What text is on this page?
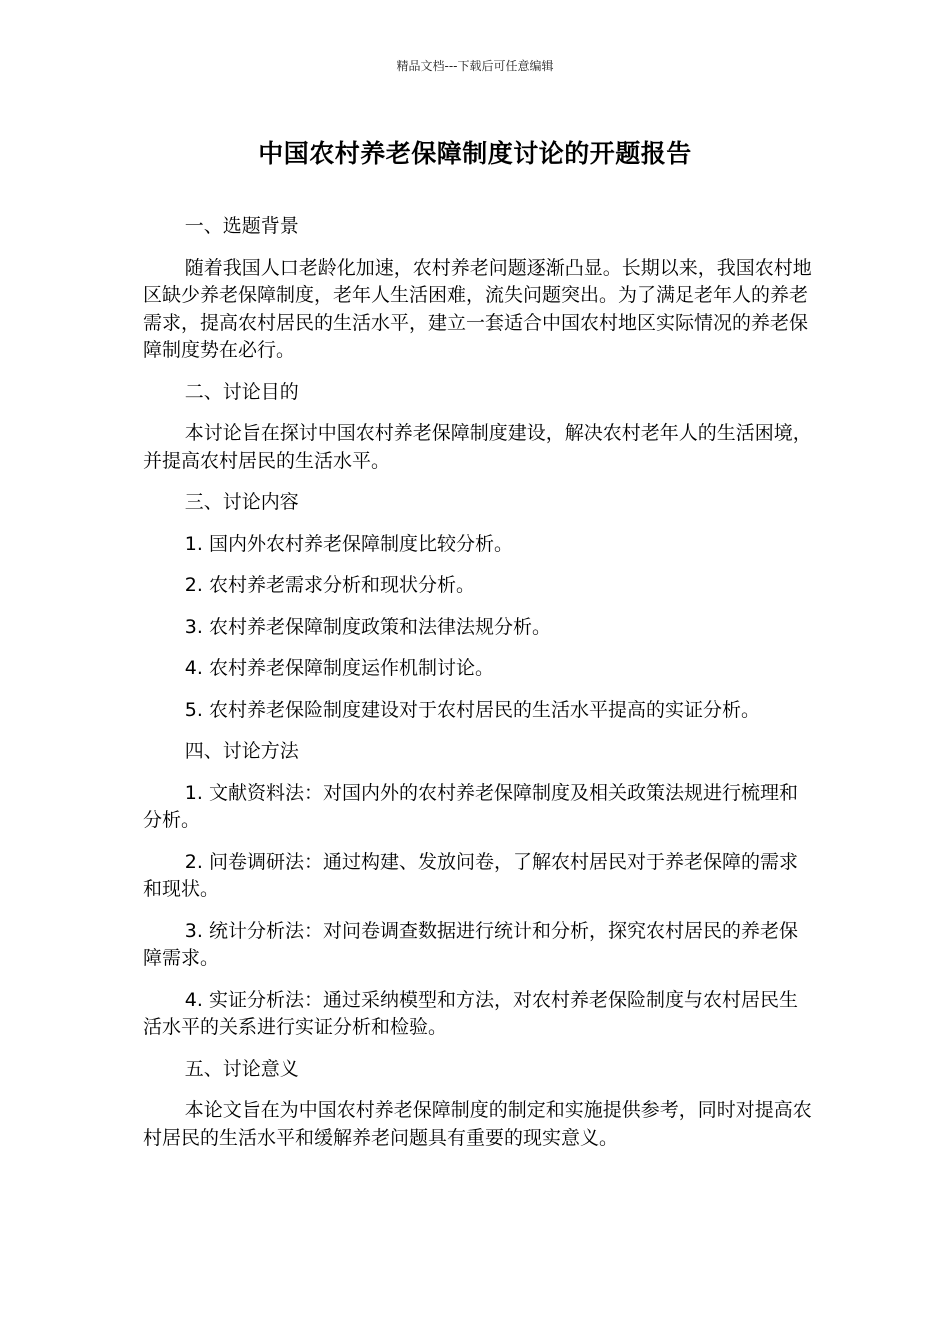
精品文档---下载后可任意编辑
中国农村养老保障制度讨论的开题报告

一、选题背景

随着我国人口老龄化加速，农村养老问题逐渐凸显。长期以来，我国农村地区缺少养老保障制度，老年人生活困难，流失问题突出。为了满足老年人的养老需求，提高农村居民的生活水平，建立一套适合中国农村地区实际情况的养老保障制度势在必行。

二、讨论目的

本讨论旨在探讨中国农村养老保障制度建设，解决农村老年人的生活困境，并提高农村居民的生活水平。

三、讨论内容

1. 国内外农村养老保障制度比较分析。

2. 农村养老需求分析和现状分析。

3. 农村养老保障制度政策和法律法规分析。

4. 农村养老保障制度运作机制讨论。

5. 农村养老保险制度建设对于农村居民的生活水平提高的实证分析。

四、讨论方法

1. 文献资料法：对国内外的农村养老保障制度及相关政策法规进行梳理和分析。

2. 问卷调研法：通过构建、发放问卷，了解农村居民对于养老保障的需求和现状。

3. 统计分析法：对问卷调查数据进行统计和分析，探究农村居民的养老保障需求。

4. 实证分析法：通过采纳模型和方法，对农村养老保险制度与农村居民生活水平的关系进行实证分析和检验。

五、讨论意义

本论文旨在为中国农村养老保障制度的制定和实施提供参考，同时对提高农村居民的生活水平和缓解养老问题具有重要的现实意义。
